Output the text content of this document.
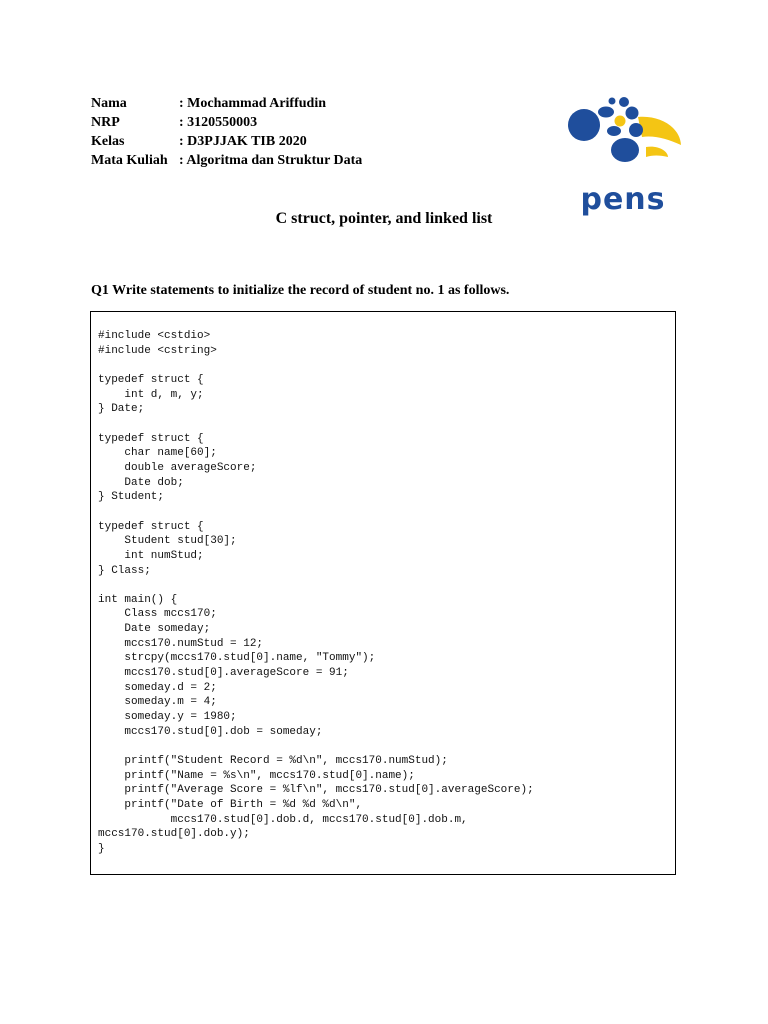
Nama	: Mochammad Ariffudin
NRP	: 3120550003
Kelas	: D3PJJAK TIB 2020
Mata Kuliah	: Algoritma dan Struktur Data
pens
C struct, pointer, and linked list

Q1 Write statements to initialize the record of student no. 1 as follows.

#include <cstdio>
#include <cstring>

typedef struct {
int d, m, y;
} Date;

typedef struct {
char name[60];
double averageScore;
Date dob;
} Student;

typedef struct {
Student stud[30];
int numStud;
} Class;

int main() {
Class mccs170;
Date someday;
mccs170.numStud = 12;
strcpy(mccs170.stud[0].name, "Tommy");
mccs170.stud[0].averageScore = 91;
someday.d = 2;
someday.m = 4;
someday.y = 1980;
mccs170.stud[0].dob = someday;

printf("Student Record = %d\n", mccs170.numStud);
printf("Name = %s\n", mccs170.stud[0].name);
printf("Average Score = %lf\n", mccs170.stud[0].averageScore);
printf("Date of Birth = %d %d %d\n",
mccs170.stud[0].dob.d, mccs170.stud[0].dob.m,
mccs170.stud[0].dob.y);
}
